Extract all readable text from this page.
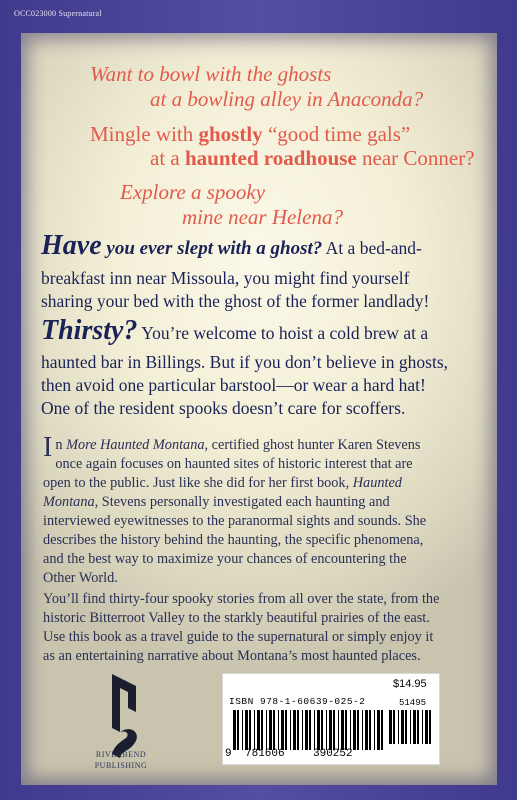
OCC023000 Supernatural
Want to bowl with the ghosts
at a bowling alley in Anaconda?
Mingle with ghostly “good time gals”
at a haunted roadhouse near Conner?
Explore a spooky
mine near Helena?
Have you ever slept with a ghost? At a bed-and-
breakfast inn near Missoula, you might find yourself
sharing your bed with the ghost of the former landlady!
Thirsty? You’re welcome to hoist a cold brew at a
haunted bar in Billings. But if you don’t believe in ghosts,
then avoid one particular barstool—or wear a hard hat!
One of the resident spooks doesn’t care for scoffers.
In More Haunted Montana, certified ghost hunter Karen Stevens
once again focuses on haunted sites of historic interest that are
open to the public. Just like she did for her first book, Haunted
Montana, Stevens personally investigated each haunting and
interviewed eyewitnesses to the paranormal sights and sounds. She
describes the history behind the haunting, the specific phenomena,
and the best way to maximize your chances of encountering the
Other World.
You’ll find thirty-four spooky stories from all over the state, from the
historic Bitterroot Valley to the starkly beautiful prairies of the east.
Use this book as a travel guide to the supernatural or simply enjoy it
as an entertaining narrative about Montana’s most haunted places.
RIVERBEND
PUBLISHING
$14.95
ISBN 978-1-60639-025-2	51495
9 781606	390252
